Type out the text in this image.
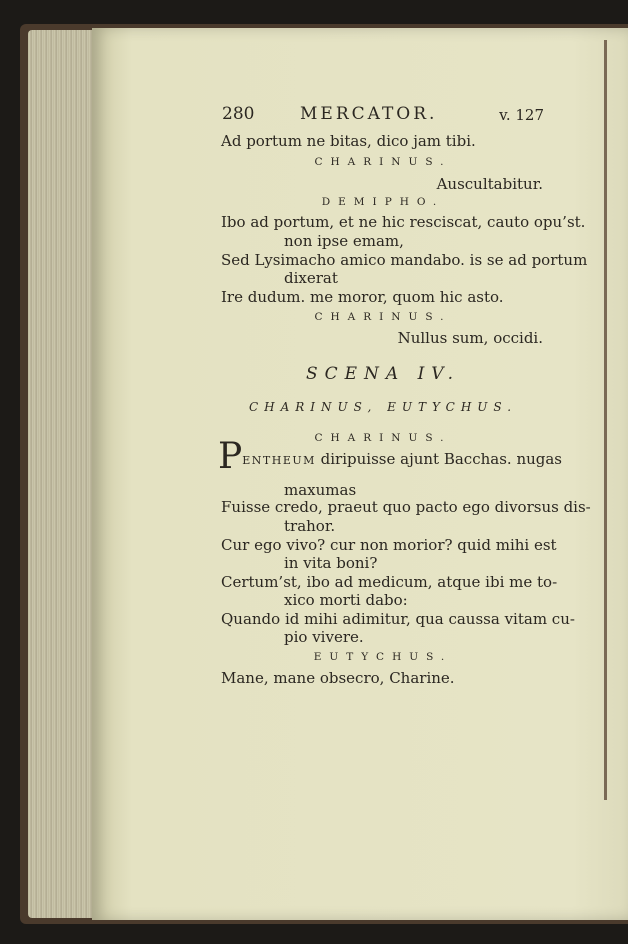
280	MERCATOR.	v. 127
Ad portum ne bitas, dico jam tibi.
CHARINUS.
Auscultabitur.
DEMIPHO.
Ibo ad portum, et ne hic resciscat, cauto opu’st.
non ipse emam,
Sed Lysimacho amico mandabo. is se ad portum
dixerat
Ire dudum. me moror, quom hic asto.
CHARINUS.
Nullus sum, occidi.
SCENA IV.
CHARINUS, EUTYCHUS.
CHARINUS.
PENTHEUM diripuisse ajunt Bacchas. nugas
maxumas
Fuisse credo, praeut quo pacto ego divorsus dis-
trahor.
Cur ego vivo? cur non morior? quid mihi est
in vita boni?
Certum’st, ibo ad medicum, atque ibi me to-
xico morti dabo:
Quando id mihi adimitur, qua caussa vitam cu-
pio vivere.
EUTYCHUS.
Mane, mane obsecro, Charine.
